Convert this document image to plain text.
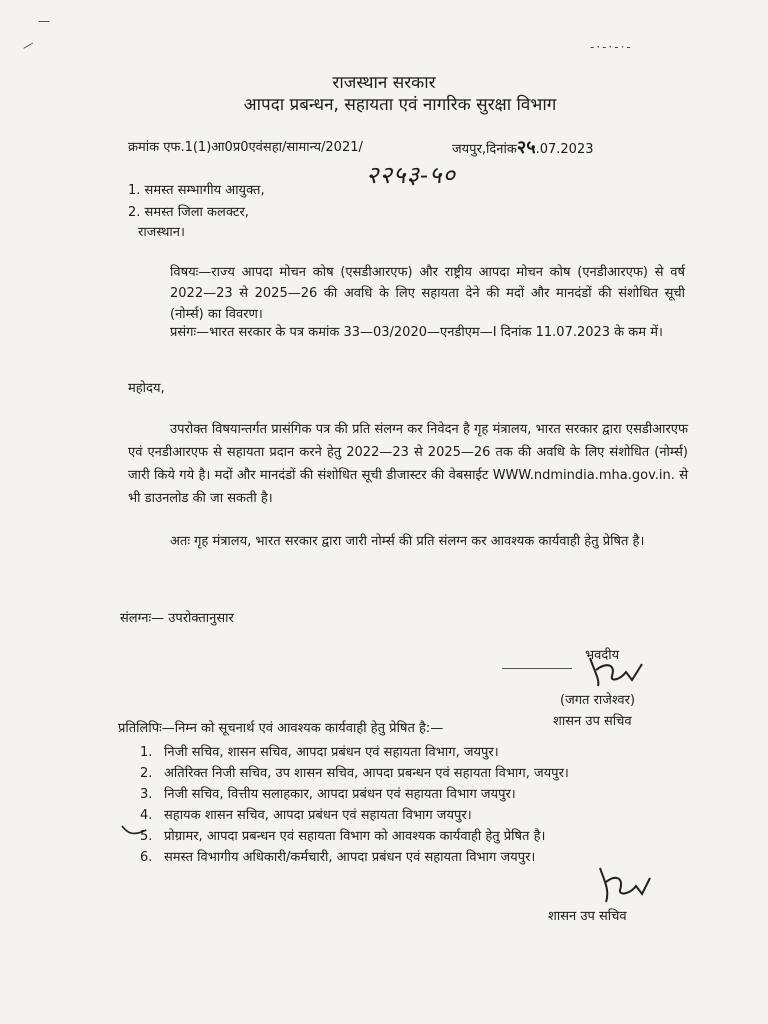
—
—	-·-·-·-
राजस्थान सरकार
आपदा प्रबन्धन, सहायता एवं नागरिक सुरक्षा विभाग
क्रमांक एफ.1(1)आ0प्र0एवंसहा/सामान्य/2021/	जयपुर,दिनांक२५.07.2023
२२५३-५०
1. समस्त सम्भागीय आयुक्त,
2. समस्त जिला कलक्टर,
राजस्थान।
विषयः—राज्य आपदा मोचन कोष (एसडीआरएफ) और राष्ट्रीय आपदा मोचन कोष (एनडीआरएफ) से वर्ष 2022—23 से 2025—26 की अवधि के लिए सहायता देने की मदों और मानदंडों की संशोधित सूची (नोर्म्स) का विवरण।
प्रसंगः—भारत सरकार के पत्र कमांक 33—03/2020—एनडीएम—I दिनांक 11.07.2023 के कम में।
महोदय,
उपरोक्त विषयान्तर्गत प्रासंगिक पत्र की प्रति संलग्न कर निवेदन है गृह मंत्रालय, भारत सरकार द्वारा एसडीआरएफ एवं एनडीआरएफ से सहायता प्रदान करने हेतु 2022—23 से 2025—26 तक की अवधि के लिए संशोधित (नोर्म्स) जारी किये गये है। मदों और मानदंडों की संशोधित सूची डीजास्टर की वेबसाईट WWW.ndmindia.mha.gov.in. से भी डाउनलोड की जा सकती है।
अतः गृह मंत्रालय, भारत सरकार द्वारा जारी नोर्म्स की प्रति संलग्न कर आवश्यक कार्यवाही हेतु प्रेषित है।
संलग्नः— उपरोक्तानुसार
भवदीय
(जगत राजेश्वर)
शासन उप सचिव
प्रतिलिपिः—निम्न को सूचनार्थ एवं आवश्यक कार्यवाही हेतु प्रेषित है:—
1. निजी सचिव, शासन सचिव, आपदा प्रबंधन एवं सहायता विभाग, जयपुर।
2. अतिरिक्त निजी सचिव, उप शासन सचिव, आपदा प्रबन्धन एवं सहायता विभाग, जयपुर।
3. निजी सचिव, वित्तीय सलाहकार, आपदा प्रबंधन एवं सहायता विभाग जयपुर।
4. सहायक शासन सचिव, आपदा प्रबंधन एवं सहायता विभाग जयपुर।
5. प्रोग्रामर, आपदा प्रबन्धन एवं सहायता विभाग को आवश्यक कार्यवाही हेतु प्रेषित है।
6. समस्त विभागीय अधिकारी/कर्मचारी, आपदा प्रबंधन एवं सहायता विभाग जयपुर।
शासन उप सचिव
